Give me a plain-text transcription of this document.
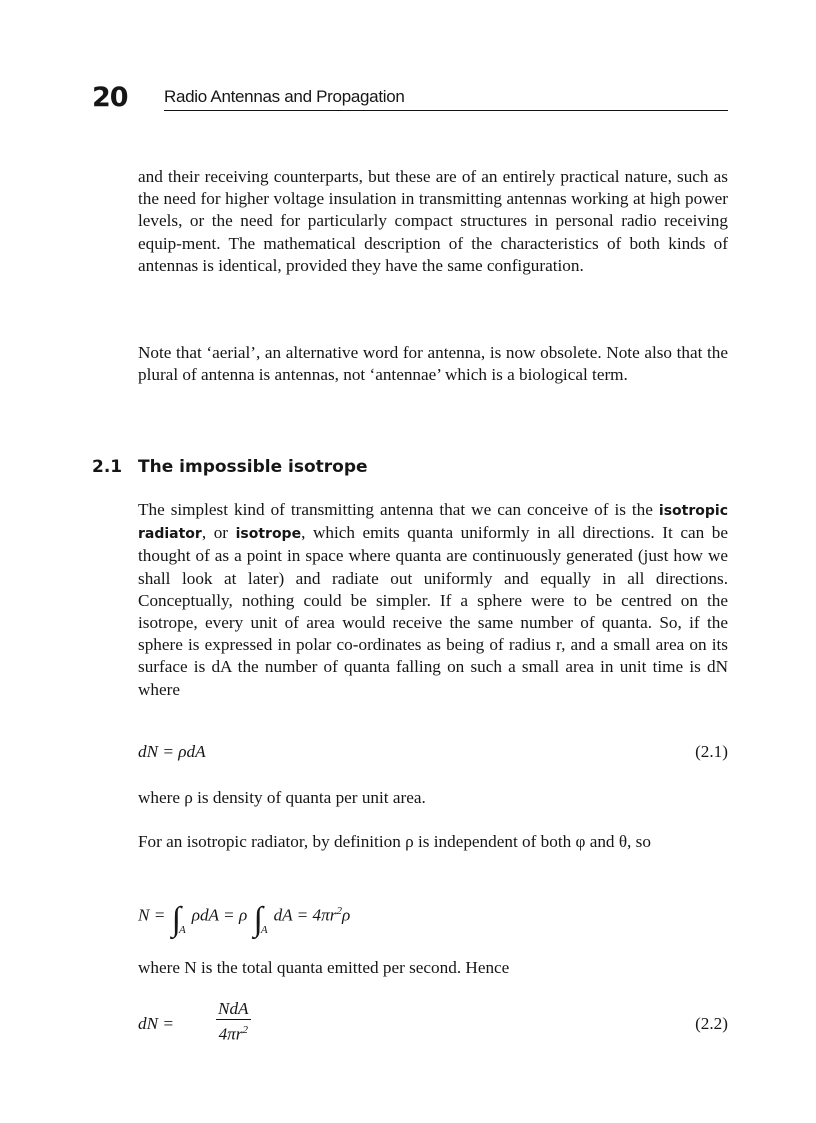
20 Radio Antennas and Propagation

and their receiving counterparts, but these are of an entirely practical nature, such as the need for higher voltage insulation in transmitting antennas working at high power levels, or the need for particularly compact structures in personal radio receiving equip-ment. The mathematical description of the characteristics of both kinds of antennas is identical, provided they have the same configuration.

Note that ‘aerial’, an alternative word for antenna, is now obsolete. Note also that the plural of antenna is antennas, not ‘antennae’ which is a biological term.

2.1 The impossible isotrope

The simplest kind of transmitting antenna that we can conceive of is the isotropic radiator, or isotrope, which emits quanta uniformly in all directions. It can be thought of as a point in space where quanta are continuously generated (just how we shall look at later) and radiate out uniformly and equally in all directions. Conceptually, nothing could be simpler. If a sphere were to be centred on the isotrope, every unit of area would receive the same number of quanta. So, if the sphere is expressed in polar co-ordinates as being of radius r, and a small area on its surface is dA the number of quanta falling on such a small area in unit time is dN where

dN = ρdA	(2.1)

where ρ is density of quanta per unit area.

For an isotropic radiator, by definition ρ is independent of both φ and θ, so

$N = \int_A\rho dA = \rho$ $\int_AdA = 4\pi r^2\rho$

where N is the total quanta emitted per second. Hence

dN =
NdA
$4\pi r^2$	(2.2)
